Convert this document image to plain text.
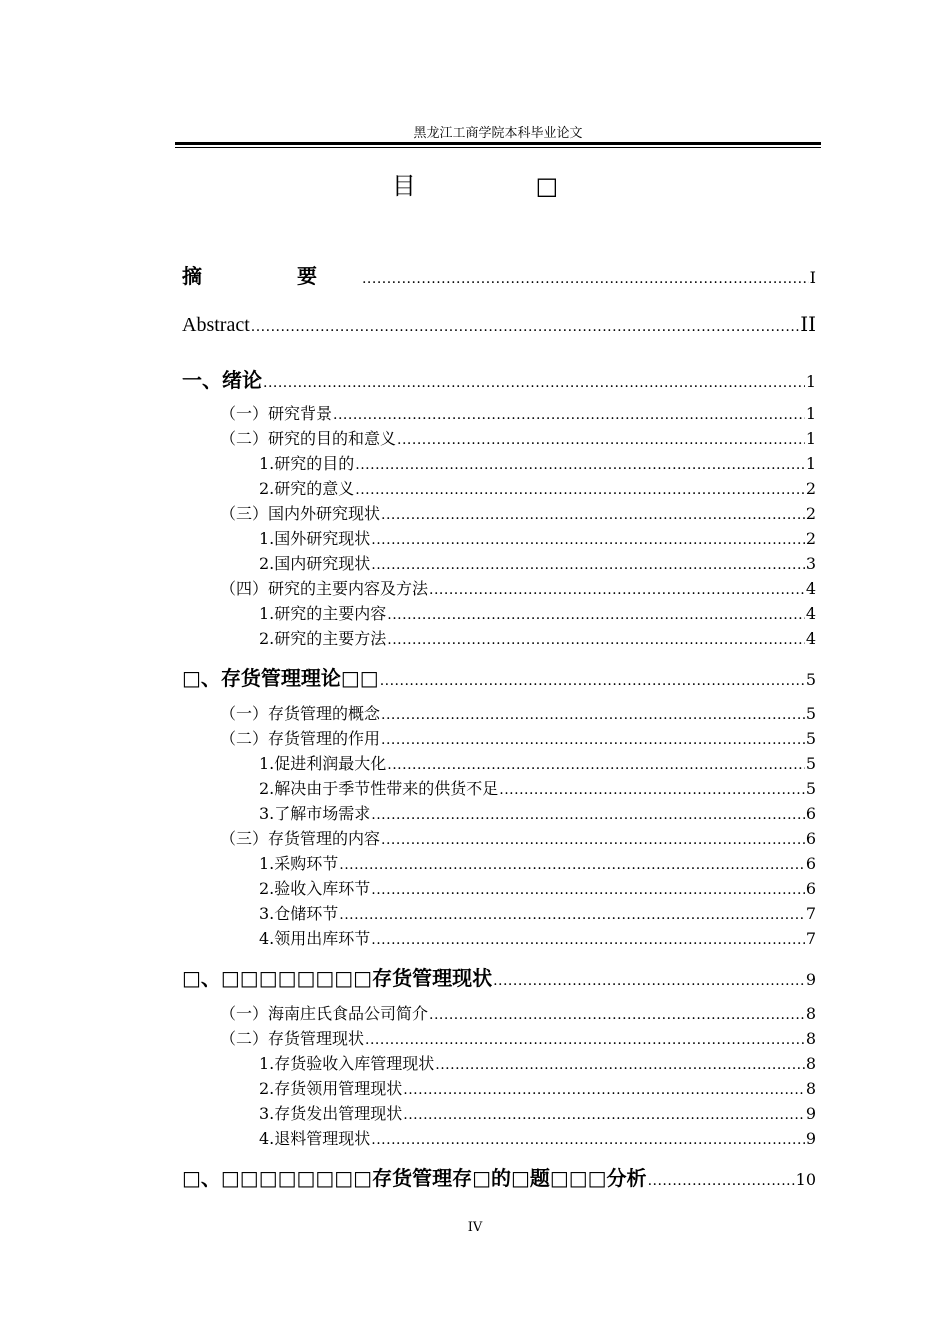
黑龙江工商学院本科毕业论文
目 □
摘 要 .....	I
Abstract .....	II
一、绪论 .....	1
（一）研究背景 .....	1
（二）研究的目的和意义 .....	1
1.研究的目的 .....	1
2.研究的意义 .....	2
（三）国内外研究现状 .....	2
1.国外研究现状 .....	2
2.国内研究现状 .....	3
（四）研究的主要内容及方法 .....	4
1.研究的主要内容 .....	4
2.研究的主要方法 .....	4
□、存货管理理论□□ .....	5
（一）存货管理的概念 .....	5
（二）存货管理的作用 .....	5
1.促进利润最大化 .....	5
2.解决由于季节性带来的供货不足 .....	5
3.了解市场需求 .....	6
（三）存货管理的内容 .....	6
1.采购环节 .....	6
2.验收入库环节 .....	6
3.仓储环节 .....	7
4.领用出库环节 .....	7
□、□□□□□□□□存货管理现状 .....	9
（一）海南庄氏食品公司简介 .....	8
（二）存货管理现状 .....	8
1.存货验收入库管理现状 .....	8
2.存货领用管理现状 .....	8
3.存货发出管理现状 .....	9
4.退料管理现状 .....	9
□、□□□□□□□□存货管理存□的□题□□□分析 .....	10
IV
